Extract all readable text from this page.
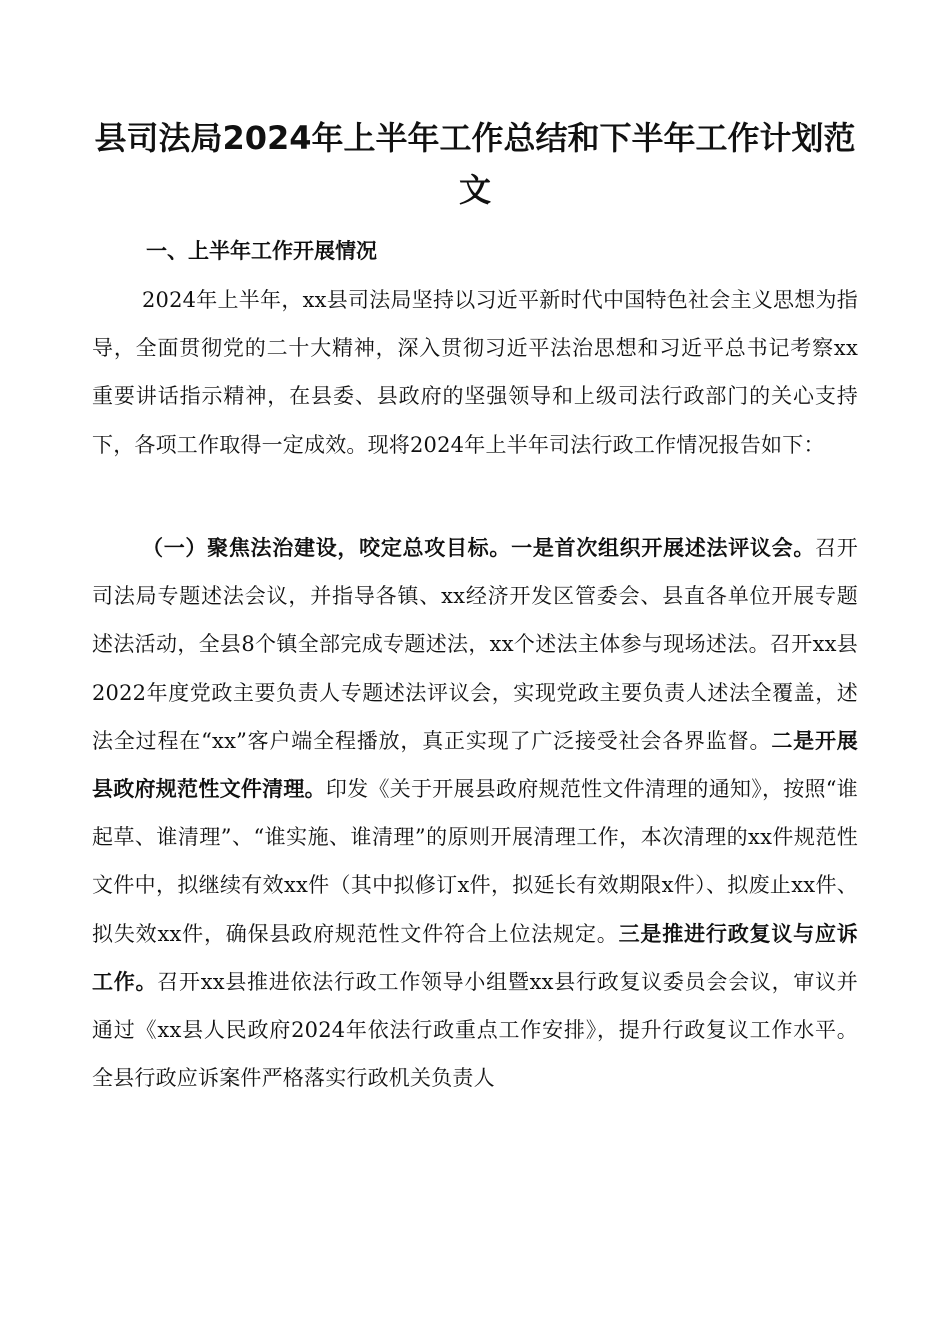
县司法局2024年上半年工作总结和下半年工作计划范文
一、上半年工作开展情况

2024年上半年，xx县司法局坚持以习近平新时代中国特色社会主义思想为指导，全面贯彻党的二十大精神，深入贯彻习近平法治思想和习近平总书记考察xx重要讲话指示精神，在县委、县政府的坚强领导和上级司法行政部门的关心支持下，各项工作取得一定成效。现将2024年上半年司法行政工作情况报告如下：

（一）聚焦法治建设，咬定总攻目标。一是首次组织开展述法评议会。召开司法局专题述法会议，并指导各镇、xx经济开发区管委会、县直各单位开展专题述法活动，全县8个镇全部完成专题述法，xx个述法主体参与现场述法。召开xx县2022年度党政主要负责人专题述法评议会，实现党政主要负责人述法全覆盖，述法全过程在“xx”客户端全程播放，真正实现了广泛接受社会各界监督。二是开展县政府规范性文件清理。印发《关于开展县政府规范性文件清理的通知》，按照“谁起草、谁清理”、“谁实施、谁清理”的原则开展清理工作，本次清理的xx件规范性文件中，拟继续有效xx件（其中拟修订x件，拟延长有效期限x件）、拟废止xx件、拟失效xx件，确保县政府规范性文件符合上位法规定。三是推进行政复议与应诉工作。召开xx县推进依法行政工作领导小组暨xx县行政复议委员会会议，审议并通过《xx县人民政府2024年依法行政重点工作安排》，提升行政复议工作水平。全县行政应诉案件严格落实行政机关负责人
